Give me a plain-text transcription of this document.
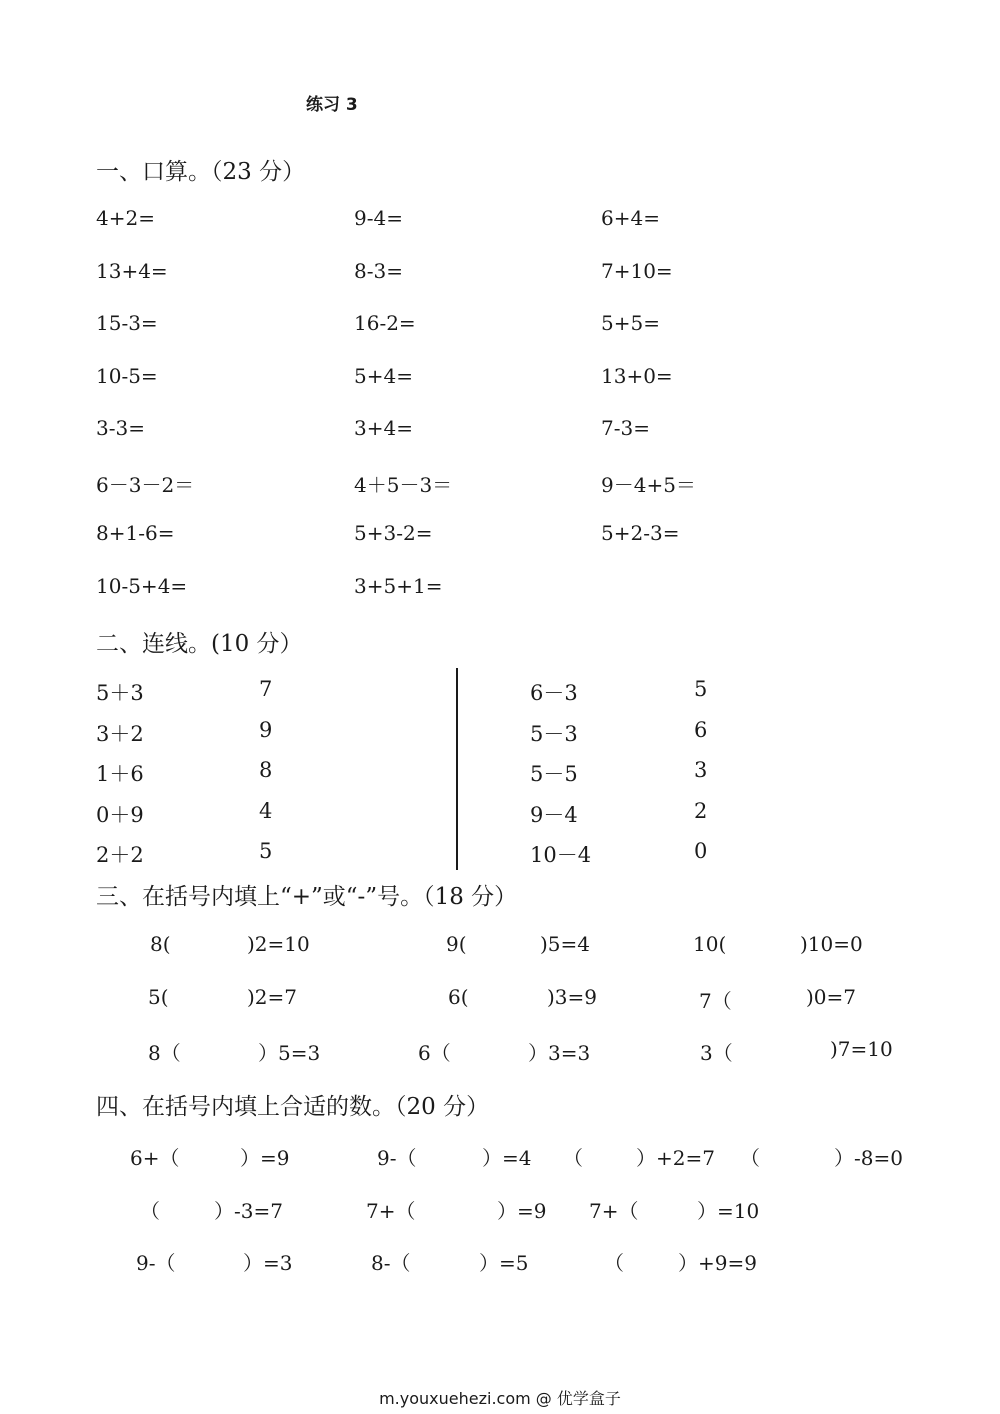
练习 3
一、口算。（23 分）
4+2=	9-4=	6+4=
13+4=	8-3=	7+10=
15-3=	16-2=	5+5=
10-5=	5+4=	13+0=
3-3=	3+4=	7-3=
6－3－2＝	4＋5－3＝	9－4+5＝
8+1-6=	5+3-2=	5+2-3=
10-5+4=	3+5+1=
二、连线。(10 分）
5＋3	7	6－3	5
3＋2	9	5－3	6
1＋6	8	5－5	3
0＋9	4	9－4	2
2＋2	5	10－4	0
三、在括号内填上“+”或“-”号。（18 分）
8(	)2=10	9(	)5=4	10(	)10=0
5(	)2=7	6(	)3=9	7（	)0=7
8（	）5=3	6（	）3=3	3（	)7=10
四、在括号内填上合适的数。（20 分）
6+（	）=9	9-（	）=4 （	）+2=7 （	）-8=0
（	）-3=7	7+（	）=9 7+（	）=10
9-（	）=3	8-（	）=5	（	）+9=9
m.youxuehezi.com @ 优学盒子
